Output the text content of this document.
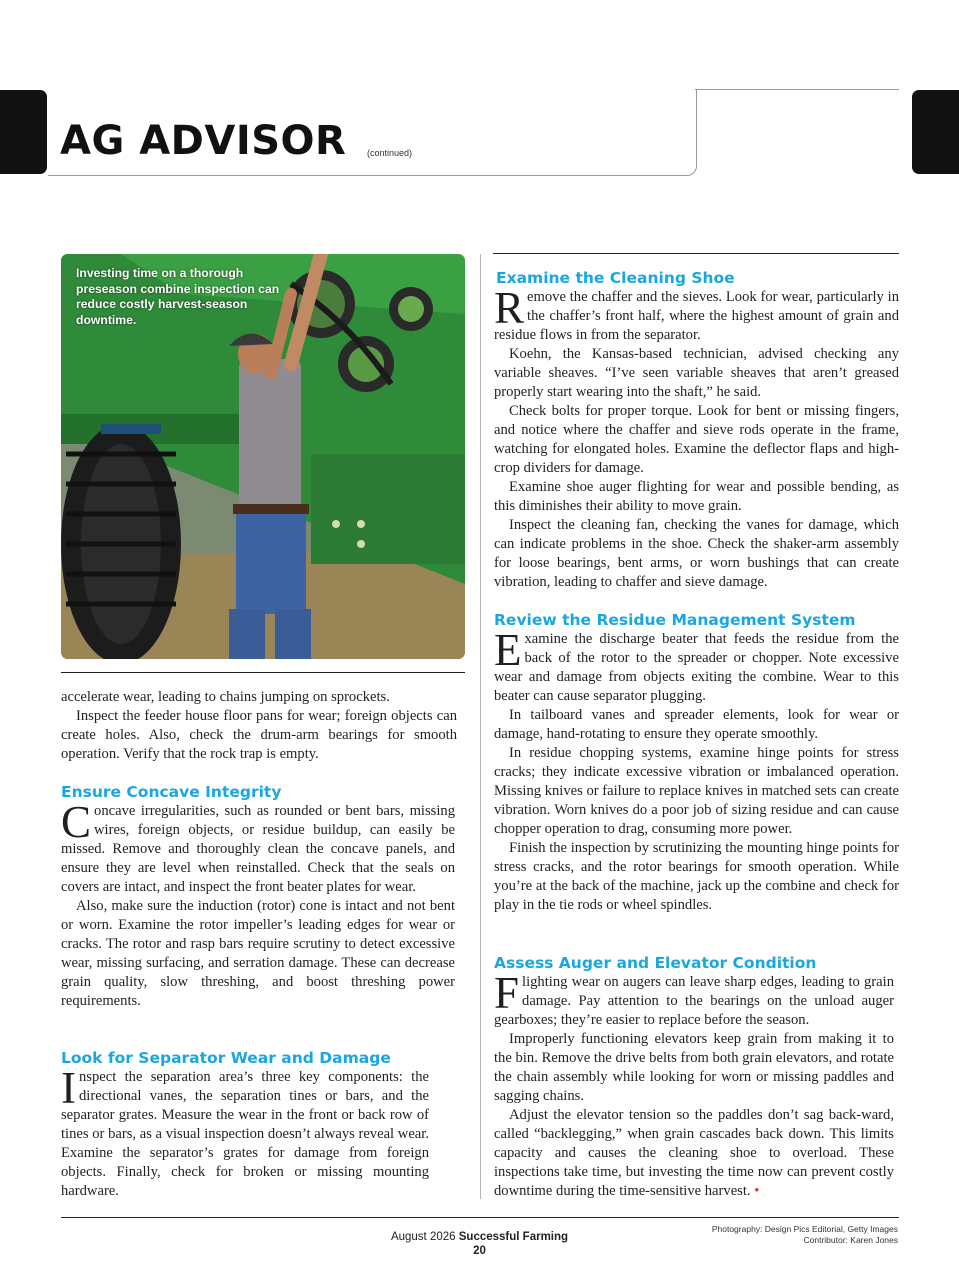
AG ADVISOR (continued)
Investing time on a thorough preseason combine inspection can reduce costly harvest-season downtime.
accelerate wear, leading to chains jumping on sprockets.
Inspect the feeder house floor pans for wear; foreign objects can create holes. Also, check the drum-arm bearings for smooth operation. Verify that the rock trap is empty.
Ensure Concave Integrity
C oncave irregularities, such as rounded or bent bars, missing wires, foreign objects, or residue buildup, can easily be missed. Remove and thoroughly clean the concave panels, and ensure they are level when reinstalled. Check that the seals on covers are intact, and inspect the front beater plates for wear.
Also, make sure the induction (rotor) cone is intact and not bent or worn. Examine the rotor impeller’s leading edges for wear or cracks. The rotor and rasp bars require scrutiny to detect excessive wear, missing surfacing, and serration damage. These can decrease grain quality, slow threshing, and boost threshing power requirements.
Look for Separator Wear and Damage
I nspect the separation area’s three key components: the directional vanes, the separation tines or bars, and the separator grates. Measure the wear in the front or back row of tines or bars, as a visual inspection doesn’t always reveal wear. Examine the separator’s grates for damage from foreign objects. Finally, check for broken or missing mounting hardware.
Examine the Cleaning Shoe
R emove the chaffer and the sieves. Look for wear, particularly in the chaffer’s front half, where the highest amount of grain and residue flows in from the separator.
Koehn, the Kansas-based technician, advised checking any variable sheaves. “I’ve seen variable sheaves that aren’t greased properly start wearing into the shaft,” he said.
Check bolts for proper torque. Look for bent or missing fingers, and notice where the chaffer and sieve rods operate in the frame, watching for elongated holes. Examine the deflector flaps and high-crop dividers for damage.
Examine shoe auger flighting for wear and possible bending, as this diminishes their ability to move grain.
Inspect the cleaning fan, checking the vanes for damage, which can indicate problems in the shoe. Check the shaker-arm assembly for loose bearings, bent arms, or worn bushings that can create vibration, leading to chaffer and sieve damage.
Review the Residue Management System
E xamine the discharge beater that feeds the residue from the back of the rotor to the spreader or chopper. Note excessive wear and damage from objects exiting the combine. Wear to this beater can cause separator plugging.
In tailboard vanes and spreader elements, look for wear or damage, hand-rotating to ensure they operate smoothly.
In residue chopping systems, examine hinge points for stress cracks; they indicate excessive vibration or imbalanced operation. Missing knives or failure to replace knives in matched sets can create vibration. Worn knives do a poor job of sizing residue and can cause chopper operation to drag, consuming more power.
Finish the inspection by scrutinizing the mounting hinge points for stress cracks, and the rotor bearings for smooth operation. While you’re at the back of the machine, jack up the combine and check for play in the tie rods or wheel spindles.
Assess Auger and Elevator Condition
F lighting wear on augers can leave sharp edges, leading to grain damage. Pay attention to the bearings on the unload auger gearboxes; they’re easier to replace before the season.
Improperly functioning elevators keep grain from making it to the bin. Remove the drive belts from both grain elevators, and rotate the chain assembly while looking for worn or missing paddles and sagging chains.
Adjust the elevator tension so the paddles don’t sag back-ward, called “backlegging,” when grain cascades back down. This limits capacity and causes the cleaning shoe to overload. These inspections take time, but investing the time now can prevent costly downtime during the time-sensitive harvest. •
August 2026 Successful Farming
20
Photography: Design Pics Editorial, Getty Images
Contributor: Karen Jones
